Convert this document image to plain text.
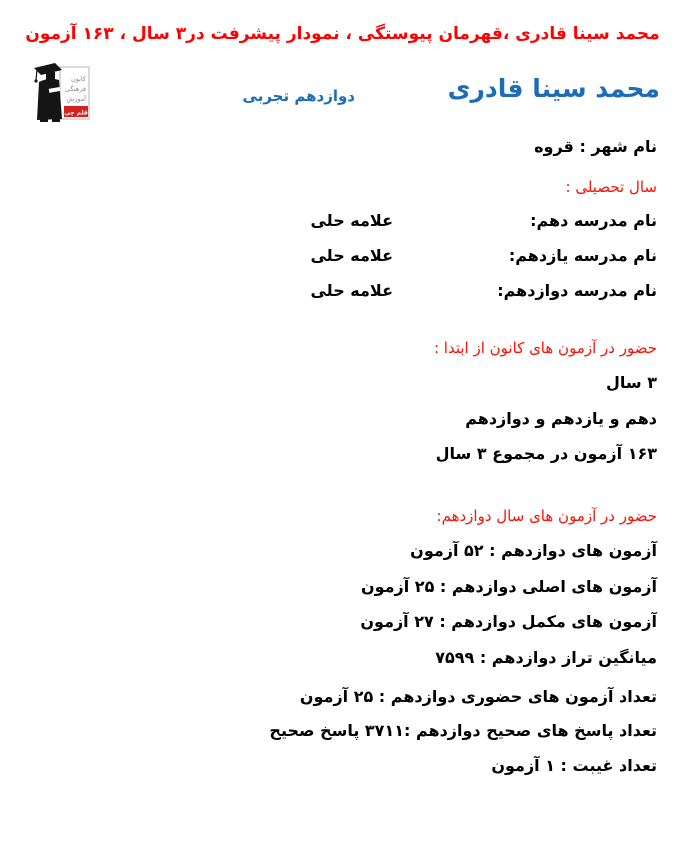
محمد سینا قادری ،قهرمان پیوستگی ، نمودار پیشرفت در۳ سال ، ۱۶۳ آزمون
کانون
فرهنگی
آموزش
قلم چی
محمد سینا قادری
دوازدهم تجربی
نام شهر : قروه
سال تحصیلی :
نام مدرسه دهم:
علامه حلی
نام مدرسه یازدهم:
علامه حلی
نام مدرسه دوازدهم:
علامه حلی
حضور در آزمون های کانون از ابتدا :
۳ سال
دهم و یازدهم و دوازدهم
۱۶۳ آزمون در مجموع ۳ سال
حضور در آزمون های سال دوازدهم:
آزمون های دوازدهم : ۵۲ آزمون
آزمون های اصلی دوازدهم : ۲۵ آزمون
آزمون های مکمل دوازدهم : ۲۷ آزمون
میانگین تراز دوازدهم : ۷۵۹۹
تعداد آزمون های حضوری دوازدهم : ۲۵ آزمون
تعداد پاسخ های صحیح دوازدهم :۳۷۱۱ پاسخ صحیح
تعداد غیبت : ۱ آزمون
